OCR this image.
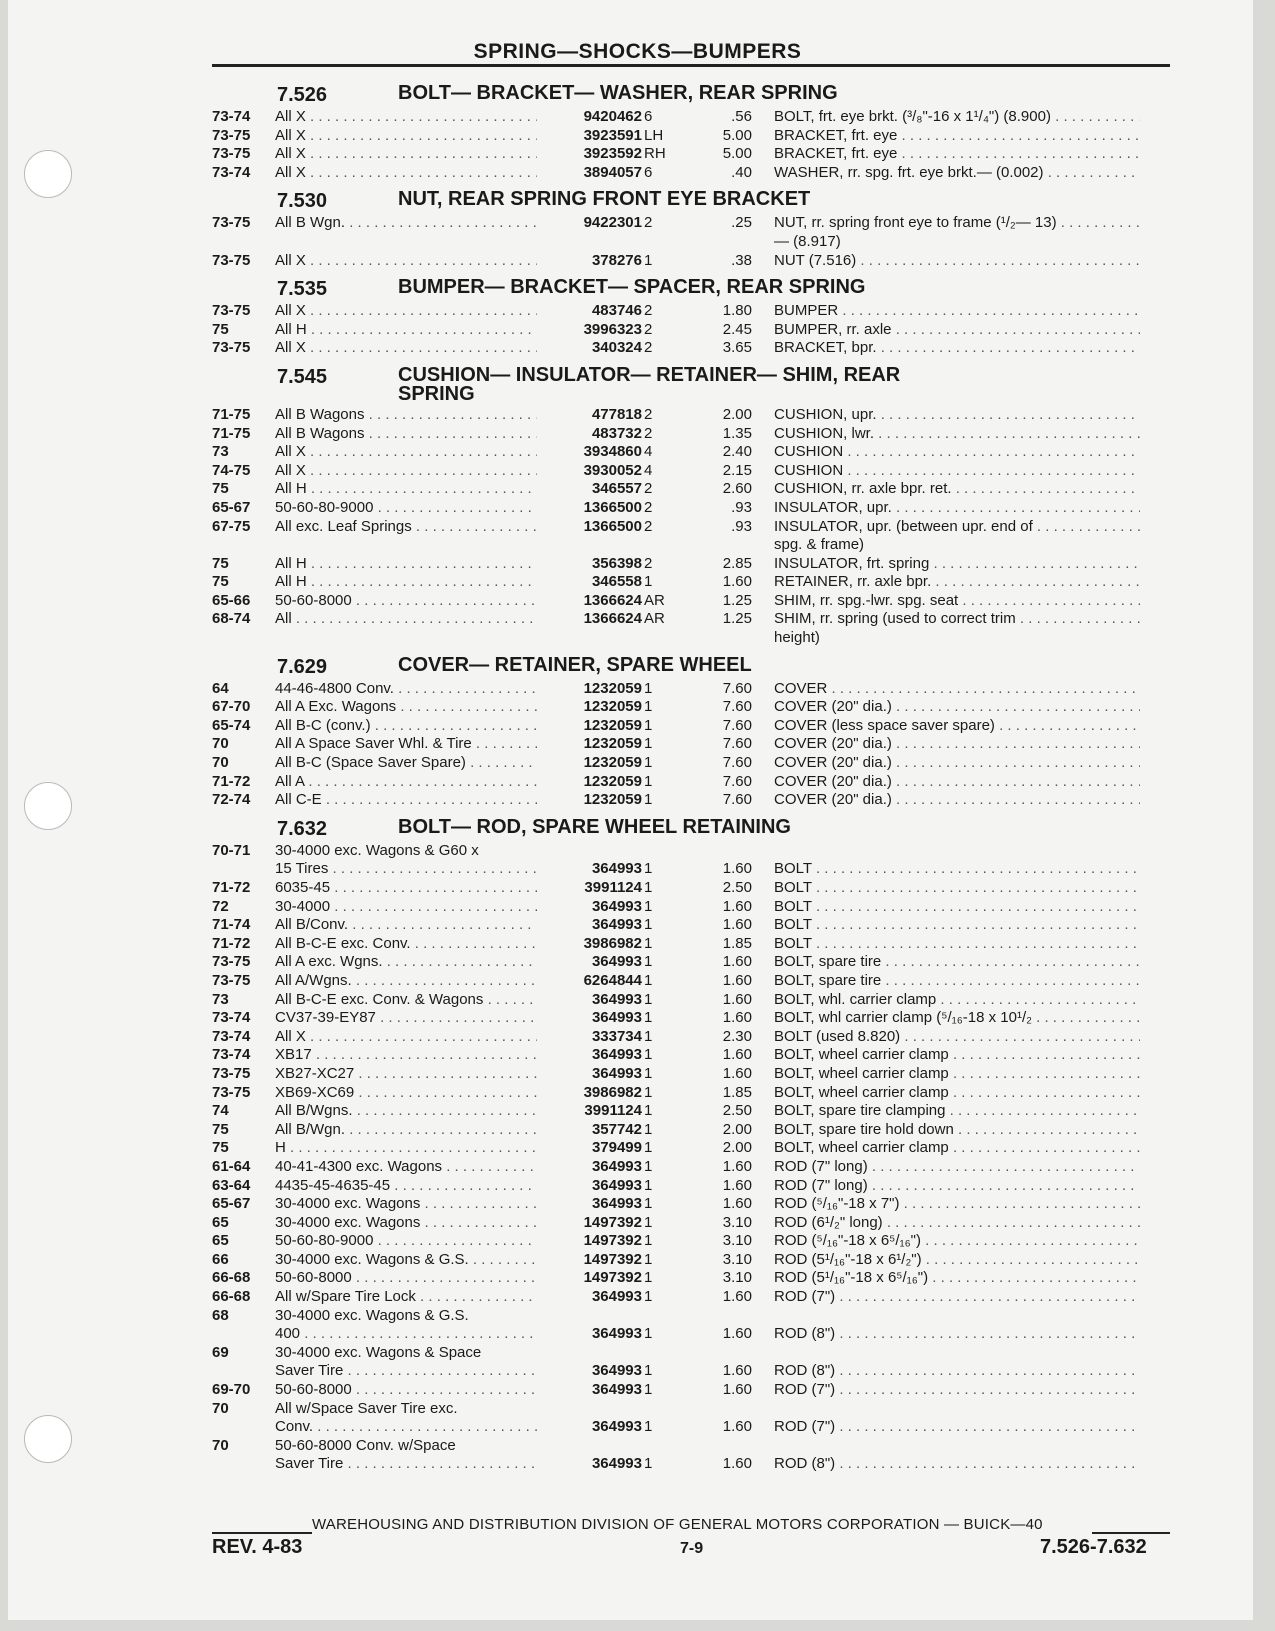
SPRING—SHOCKS—BUMPERS
7.526	BOLT— BRACKET— WASHER, REAR SPRING
73-74 All X . . .	9420462 6	.56 BOLT, frt. eye brkt. (³/₈"-16 x 1¹/₄") (8.900) . . .
73-75 All X . . .	3923591 LH	5.00 BRACKET, frt. eye . . .
73-75 All X . . .	3923592 RH	5.00 BRACKET, frt. eye . . .
73-74 All X . . .	3894057 6	.40 WASHER, rr. spg. frt. eye brkt.— (0.002) . . .
7.530	NUT, REAR SPRING FRONT EYE BRACKET
73-75 All B Wgn. . . .	9422301 2	.25 NUT, rr. spring front eye to frame (¹/₂— 13) . . .
— (8.917)
73-75 All X . . .	378276 1	.38 NUT (7.516) . . .
7.535	BUMPER— BRACKET— SPACER, REAR SPRING
73-75 All X . . .	483746 2	1.80 BUMPER . . .
75	All H . . .	3996323 2	2.45 BUMPER, rr. axle . . .
73-75 All X . . .	340324 2	3.65 BRACKET, bpr. . . .
7.545	CUSHION— INSULATOR— RETAINER— SHIM, REAR
SPRING
71-75 All B Wagons . . .	477818 2	2.00 CUSHION, upr. . . .
71-75 All B Wagons . . .	483732 2	1.35 CUSHION, lwr. . . .
73	All X . . .	3934860 4	2.40 CUSHION . . .
74-75 All X . . .	3930052 4	2.15 CUSHION . . .
75	All H . . .	346557 2	2.60 CUSHION, rr. axle bpr. ret. . . .
65-67 50-60-80-9000 . . .	1366500 2	.93 INSULATOR, upr. . . .
67-75 All exc. Leaf Springs . . .	1366500 2	.93 INSULATOR, upr. (between upr. end of . . .
spg. & frame)
75	All H . . .	356398 2	2.85 INSULATOR, frt. spring . . .
75	All H . . .	346558 1	1.60 RETAINER, rr. axle bpr. . . .
65-66 50-60-8000 . . .	1366624 AR	1.25 SHIM, rr. spg.-lwr. spg. seat . . .
68-74 All . . .	1366624 AR	1.25 SHIM, rr. spring (used to correct trim . . .
height)
7.629	COVER— RETAINER, SPARE WHEEL
64	44-46-4800 Conv. . . .	1232059 1	7.60 COVER . . .
67-70 All A Exc. Wagons . . .	1232059 1	7.60 COVER (20" dia.) . . .
65-74 All B-C (conv.) . . .	1232059 1	7.60 COVER (less space saver spare) . . .
70	All A Space Saver Whl. & Tire . . .	1232059 1	7.60 COVER (20" dia.) . . .
70	All B-C (Space Saver Spare) . . .	1232059 1	7.60 COVER (20" dia.) . . .
71-72 All A . . .	1232059 1	7.60 COVER (20" dia.) . . .
72-74 All C-E . . .	1232059 1	7.60 COVER (20" dia.) . . .
7.632	BOLT— ROD, SPARE WHEEL RETAINING
70-71 30-4000 exc. Wagons & G60 x
15 Tires . . .	364993 1	1.60 BOLT . . .
71-72 6035-45 . . .	3991124 1	2.50 BOLT . . .
72	30-4000 . . .	364993 1	1.60 BOLT . . .
71-74 All B/Conv. . . .	364993 1	1.60 BOLT . . .
71-72 All B-C-E exc. Conv. . . .	3986982 1	1.85 BOLT . . .
73-75 All A exc. Wgns. . . .	364993 1	1.60 BOLT, spare tire . . .
73-75 All A/Wgns. . . .	6264844 1	1.60 BOLT, spare tire . . .
73	All B-C-E exc. Conv. & Wagons . . .	364993 1	1.60 BOLT, whl. carrier clamp . . .
73-74 CV37-39-EY87 . . .	364993 1	1.60 BOLT, whl carrier clamp (⁵/₁₆-18 x 10¹/₂ . . .
73-74 All X . . .	333734 1	2.30 BOLT (used 8.820) . . .
73-74 XB17 . . .	364993 1	1.60 BOLT, wheel carrier clamp . . .
73-75 XB27-XC27 . . .	364993 1	1.60 BOLT, wheel carrier clamp . . .
73-75 XB69-XC69 . . .	3986982 1	1.85 BOLT, wheel carrier clamp . . .
74	All B/Wgns. . . .	3991124 1	2.50 BOLT, spare tire clamping . . .
75	All B/Wgn. . . .	357742 1	2.00 BOLT, spare tire hold down . . .
75	H . . .	379499 1	2.00 BOLT, wheel carrier clamp . . .
61-64 40-41-4300 exc. Wagons . . .	364993 1	1.60 ROD (7" long) . . .
63-64 4435-45-4635-45 . . .	364993 1	1.60 ROD (7" long) . . .
65-67 30-4000 exc. Wagons . . .	364993 1	1.60 ROD (⁵/₁₆"-18 x 7") . . .
65	30-4000 exc. Wagons . . .	1497392 1	3.10 ROD (6¹/₂" long) . . .
65	50-60-80-9000 . . .	1497392 1	3.10 ROD (⁵/₁₆"-18 x 6⁵/₁₆") . . .
66	30-4000 exc. Wagons & G.S. . . .	1497392 1	3.10 ROD (5¹/₁₆"-18 x 6¹/₂") . . .
66-68 50-60-8000 . . .	1497392 1	3.10 ROD (5¹/₁₆"-18 x 6⁵/₁₆") . . .
66-68 All w/Spare Tire Lock . . .	364993 1	1.60 ROD (7") . . .
68	30-4000 exc. Wagons & G.S.
400 . . .	364993 1	1.60 ROD (8") . . .
69	30-4000 exc. Wagons & Space
Saver Tire . . .	364993 1	1.60 ROD (8") . . .
69-70 50-60-8000 . . .	364993 1	1.60 ROD (7") . . .
70	All w/Space Saver Tire exc.
Conv. . . .	364993 1	1.60 ROD (7") . . .
70	50-60-8000 Conv. w/Space
Saver Tire . . .	364993 1	1.60 ROD (8") . . .
WAREHOUSING AND DISTRIBUTION DIVISION OF GENERAL MOTORS CORPORATION — BUICK—40
REV. 4-83	7-9	7.526-7.632
